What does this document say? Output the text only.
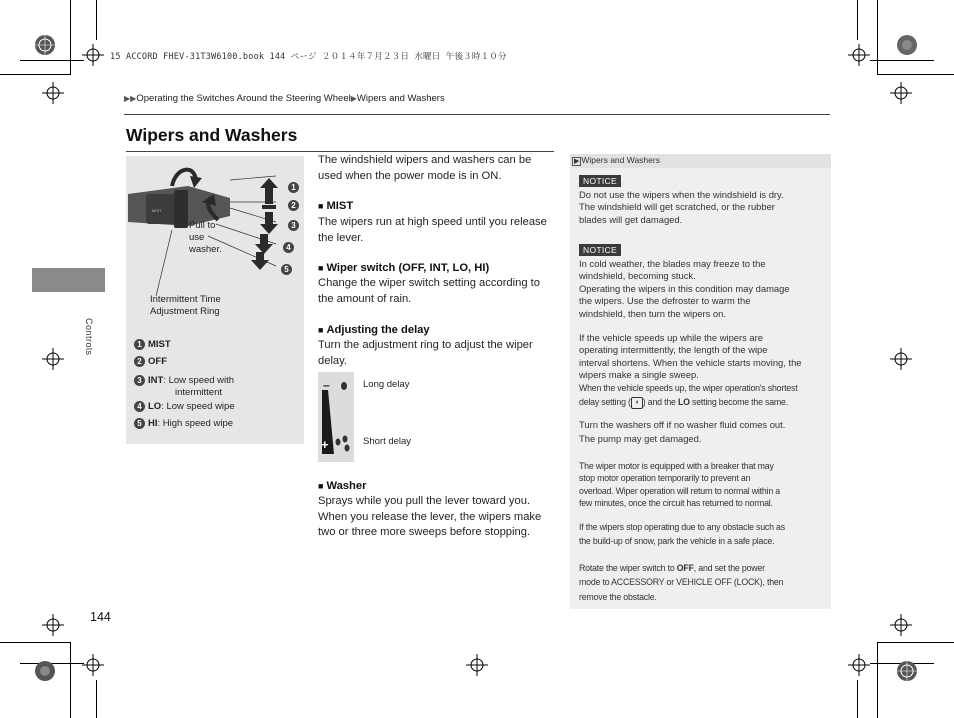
15 ACCORD FHEV-31T3W6100.book 144 ページ ２０１４年７月２３日 水曜日 午後３時１０分
▶▶Operating the Switches Around the Steering Wheel▶Wipers and Washers
Controls
Wipers and Washers
MIST
1
2
3
4
5
Pull to
use
washer.
Intermittent Time
Adjustment Ring
1 MIST
2 OFF
3 INT: Low speed with
intermittent
4 LO: Low speed wipe
5 HI: High speed wipe
The windshield wipers and washers can be
used when the power mode is in ON.
■ MIST
The wipers run at high speed until you release
the lever.
■ Wiper switch (OFF, INT, LO, HI)
Change the wiper switch setting according to
the amount of rain.
■ Adjusting the delay
Turn the adjustment ring to adjust the wiper
delay.
–
+
Long delay
Short delay
■ Washer
Sprays while you pull the lever toward you.
When you release the lever, the wipers make
two or three more sweeps before stopping.
▶ Wipers and Washers
NOTICE
Do not use the wipers when the windshield is dry.
The windshield will get scratched, or the rubber
blades will get damaged.
NOTICE
In cold weather, the blades may freeze to the
windshield, becoming stuck.
Operating the wipers in this condition may damage
the wipers. Use the defroster to warm the
windshield, then turn the wipers on.
If the vehicle speeds up while the wipers are
operating intermittently, the length of the wipe
interval shortens. When the vehicle starts moving, the
wipers make a single sweep.
When the vehicle speeds up, the wiper operation's shortest
delay setting ( ◖ ) and the LO setting become the same.
Turn the washers off if no washer fluid comes out.
The pump may get damaged.
The wiper motor is equipped with a breaker that may
stop motor operation temporarily to prevent an
overload. Wiper operation will return to normal within a
few minutes, once the circuit has returned to normal.
If the wipers stop operating due to any obstacle such as
the build-up of snow, park the vehicle in a safe place.
Rotate the wiper switch to OFF, and set the power
mode to ACCESSORY or VEHICLE OFF (LOCK), then
remove the obstacle.
144
